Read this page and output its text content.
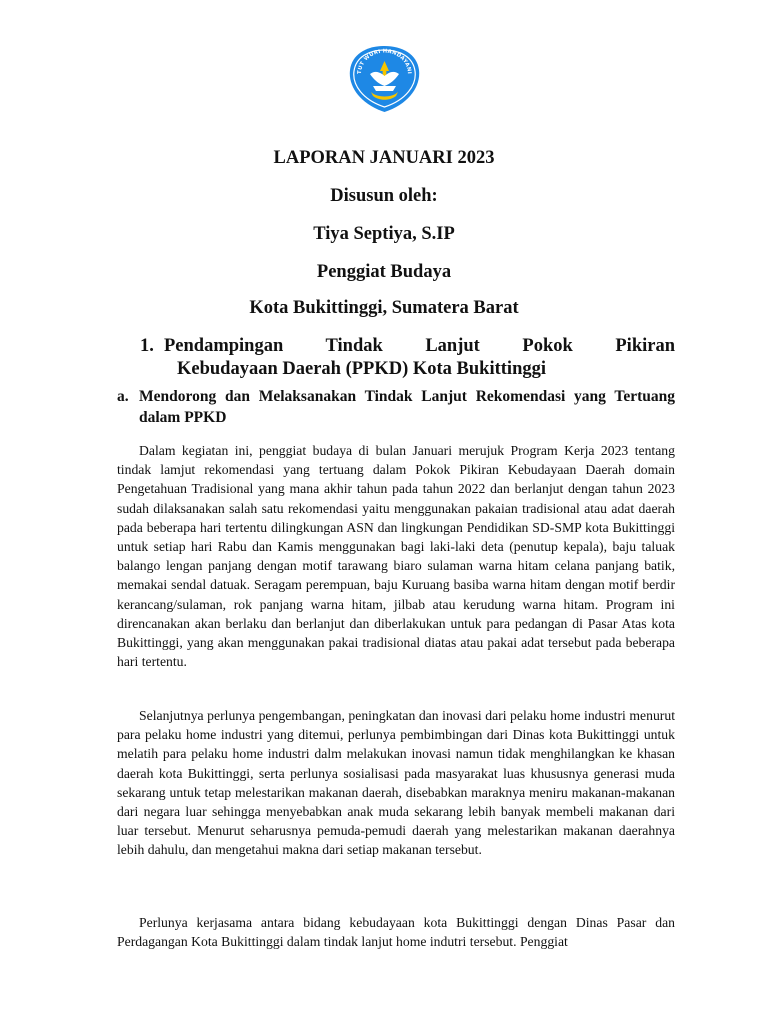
TUT WURI HANDAYANI
LAPORAN JANUARI 2023
Disusun oleh:
Tiya Septiya, S.IP
Penggiat Budaya
Kota Bukittinggi, Sumatera Barat
1. Pendampingan Tindak Lanjut Pokok Pikiran
Kebudayaan Daerah (PPKD) Kota Bukittinggi
a. Mendorong dan Melaksanakan Tindak Lanjut Rekomendasi yang Tertuang dalam PPKD

Dalam kegiatan ini, penggiat budaya di bulan Januari merujuk Program Kerja 2023 tentang tindak lamjut rekomendasi yang tertuang dalam Pokok Pikiran Kebudayaan Daerah domain Pengetahuan Tradisional yang mana akhir tahun pada tahun 2022 dan berlanjut dengan tahun 2023 sudah dilaksanakan salah satu rekomendasi yaitu menggunakan pakaian tradisional atau adat daerah pada beberapa hari tertentu dilingkungan ASN dan lingkungan Pendidikan SD-SMP kota Bukittinggi untuk setiap hari Rabu dan Kamis menggunakan bagi laki-laki deta (penutup kepala), baju taluak balango lengan panjang dengan motif tarawang biaro sulaman warna hitam celana panjang batik, memakai sendal datuak. Seragam perempuan, baju Kuruang basiba warna hitam dengan motif berdir kerancang/sulaman, rok panjang warna hitam, jilbab atau kerudung warna hitam. Program ini direncanakan akan berlaku dan berlanjut dan diberlakukan untuk para pedangan di Pasar Atas kota Bukittinggi, yang akan menggunakan pakai tradisional diatas atau pakai adat tersebut pada beberapa hari tertentu.

Selanjutnya perlunya pengembangan, peningkatan dan inovasi dari pelaku home industri menurut para pelaku home industri yang ditemui, perlunya pembimbingan dari Dinas kota Bukittinggi untuk melatih para pelaku home industri dalm melakukan inovasi namun tidak menghilangkan ke khasan daerah kota Bukittinggi, serta perlunya sosialisasi pada masyarakat luas khususnya generasi muda sekarang untuk tetap melestarikan makanan daerah, disebabkan maraknya meniru makanan-makanan dari negara luar sehingga menyebabkan anak muda sekarang lebih banyak membeli makanan dari luar tersebut. Menurut seharusnya pemuda-pemudi daerah yang melestarikan makanan daerahnya lebih dahulu, dan mengetahui makna dari setiap makanan tersebut.

Perlunya kerjasama antara bidang kebudayaan kota Bukittinggi dengan Dinas Pasar dan Perdagangan Kota Bukittinggi dalam tindak lanjut home indutri tersebut. Penggiat
